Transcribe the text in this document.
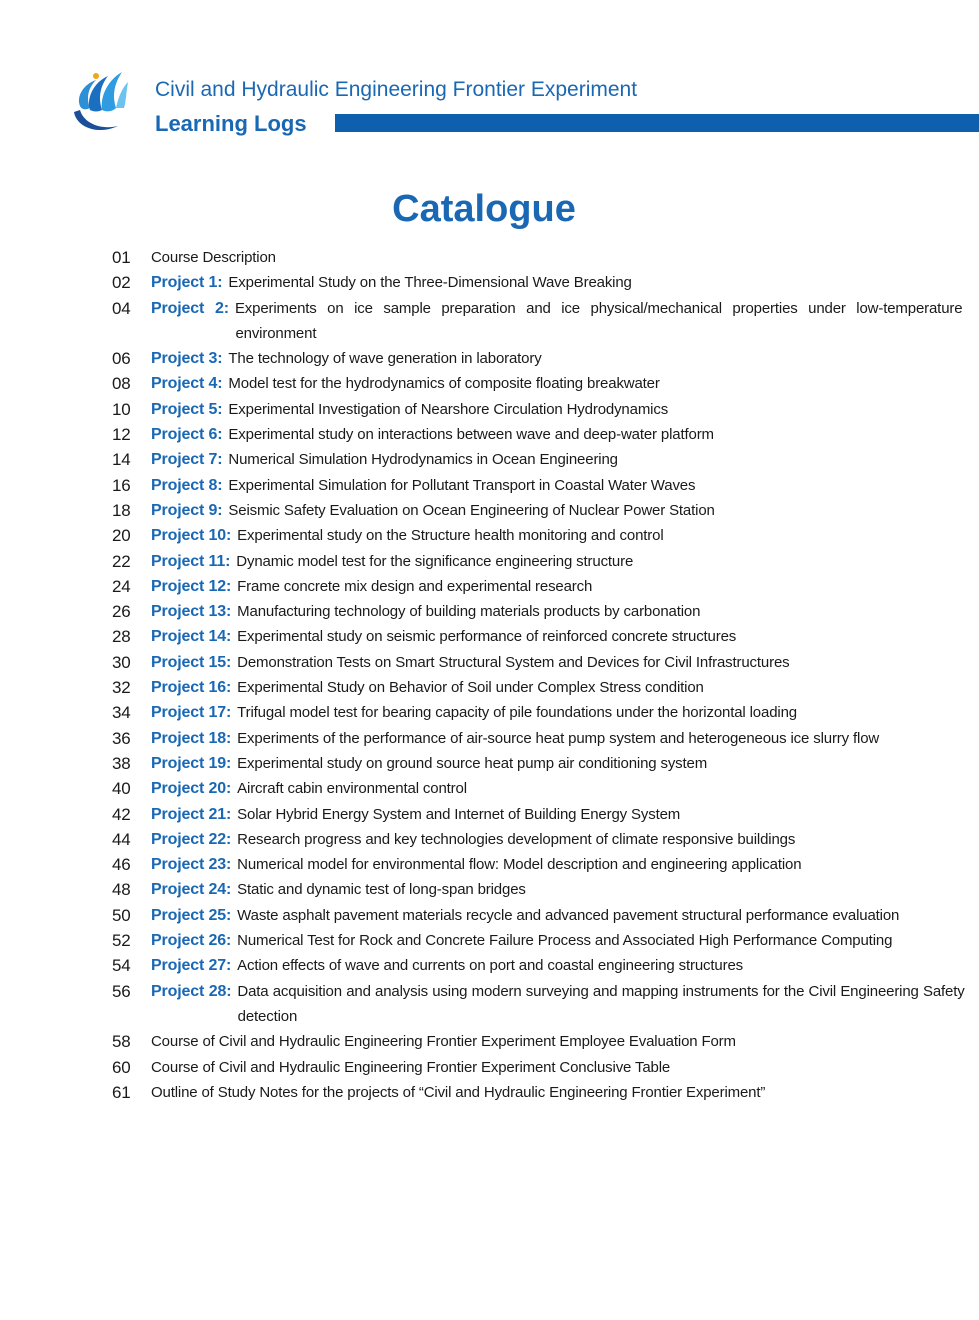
Civil and Hydraulic Engineering Frontier Experiment
Learning Logs
Catalogue
01	Course Description
02	Project 1: Experimental Study on the Three-Dimensional Wave Breaking
04	Project 2: Experiments on ice sample preparation and ice physical/mechanical properties under low-temperature environment
06	Project 3: The technology of wave generation in laboratory
08	Project 4: Model test for the hydrodynamics of composite floating breakwater
10	Project 5: Experimental Investigation of Nearshore Circulation Hydrodynamics
12	Project 6: Experimental study on interactions between wave and deep-water platform
14	Project 7: Numerical Simulation Hydrodynamics in Ocean Engineering
16	Project 8: Experimental Simulation for Pollutant Transport in Coastal Water Waves
18	Project 9: Seismic Safety Evaluation on Ocean Engineering of Nuclear Power Station
20	Project 10: Experimental study on the Structure health monitoring and control
22	Project 11: Dynamic model test for the significance engineering structure
24	Project 12: Frame concrete mix design and experimental research
26	Project 13: Manufacturing technology of building materials products by carbonation
28	Project 14: Experimental study on seismic performance of reinforced concrete structures
30	Project 15: Demonstration Tests on Smart Structural System and Devices for Civil Infrastructures
32	Project 16: Experimental Study on Behavior of Soil under Complex Stress condition
34	Project 17: Trifugal model test for bearing capacity of pile foundations under the horizontal loading
36	Project 18: Experiments of the performance of air-source heat pump system and heterogeneous ice slurry flow
38	Project 19: Experimental study on ground source heat pump air conditioning system
40	Project 20: Aircraft cabin environmental control
42	Project 21: Solar Hybrid Energy System and Internet of Building Energy System
44	Project 22: Research progress and key technologies development of climate responsive buildings
46	Project 23: Numerical model for environmental flow: Model description and engineering application
48	Project 24: Static and dynamic test of long-span bridges
50	Project 25: Waste asphalt pavement materials recycle and advanced pavement structural performance evaluation
52	Project 26: Numerical Test for Rock and Concrete Failure Process and Associated High Performance Computing
54	Project 27: Action effects of wave and currents on port and coastal engineering structures
56	Project 28: Data acquisition and analysis using modern surveying and mapping instruments for the Civil Engineering Safety detection
58	Course of Civil and Hydraulic Engineering Frontier Experiment Employee Evaluation Form
60	Course of Civil and Hydraulic Engineering Frontier Experiment Conclusive Table
61	Outline of Study Notes for the projects of “Civil and Hydraulic Engineering Frontier Experiment”
